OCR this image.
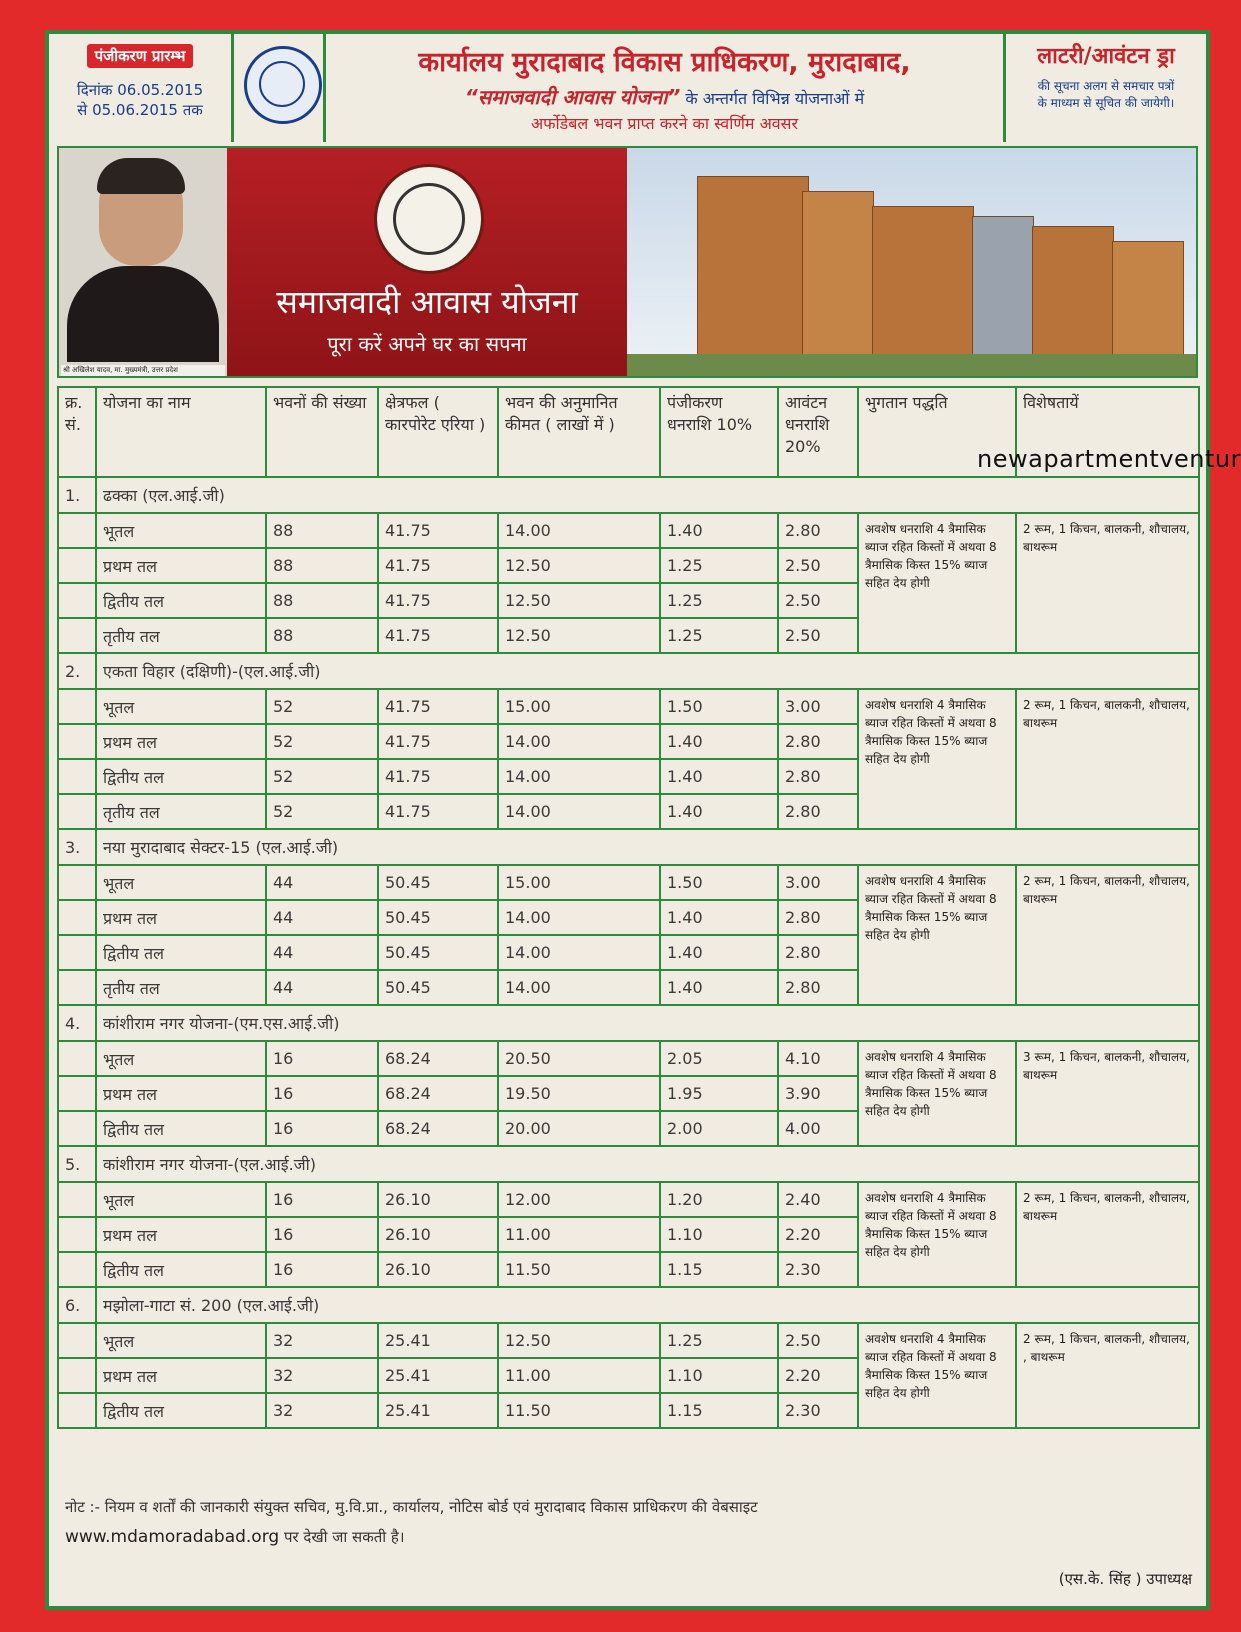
पंजीकरण प्रारम्भ
दिनांक 06.05.2015
से 05.06.2015 तक
कार्यालय मुरादाबाद विकास प्राधिकरण, मुरादाबाद,
“समाजवादी आवास योजना” के अन्तर्गत विभिन्न योजनाओं में
अर्फोडेबल भवन प्राप्त करने का स्वर्णिम अवसर
लाटरी/आवंटन ड्रा
की सूचना अलग से समचार पत्रों
के माध्यम से सूचित की जायेगी।
श्री अखिलेश यादव, मा. मुख्यमंत्री, उत्तर प्रदेश
समाजवादी आवास योजना
पूरा करें अपने घर का सपना
क्र. सं.	योजना का नाम	भवनों की संख्या	क्षेत्रफल ( कारपोरेट एरिया )	भवन की अनुमानित कीमत ( लाखों में )	पंजीकरण धनराशि 10%	आवंटन धनराशि 20%	भुगतान पद्धति	विशेषतायें
1.	ढक्का (एल.आई.जी)							
	भूतल	88	41.75	14.00	1.40	2.80	अवशेष धनराशि 4 त्रैमासिक ब्याज रहित किस्तों में अथवा 8 त्रैमासिक किस्त 15% ब्याज सहित देय होगी	2 रूम, 1 किचन, बालकनी, शौचालय, बाथरूम
	प्रथम तल	88	41.75	12.50	1.25	2.50		
	द्वितीय तल	88	41.75	12.50	1.25	2.50		
	तृतीय तल	88	41.75	12.50	1.25	2.50		
2.	एकता विहार (दक्षिणी)-(एल.आई.जी)							
	भूतल	52	41.75	15.00	1.50	3.00	अवशेष धनराशि 4 त्रैमासिक ब्याज रहित किस्तों में अथवा 8 त्रैमासिक किस्त 15% ब्याज सहित देय होगी	2 रूम, 1 किचन, बालकनी, शौचालय, बाथरूम
	प्रथम तल	52	41.75	14.00	1.40	2.80		
	द्वितीय तल	52	41.75	14.00	1.40	2.80		
	तृतीय तल	52	41.75	14.00	1.40	2.80		
3.	नया मुरादाबाद सेक्टर-15 (एल.आई.जी)							
	भूतल	44	50.45	15.00	1.50	3.00	अवशेष धनराशि 4 त्रैमासिक ब्याज रहित किस्तों में अथवा 8 त्रैमासिक किस्त 15% ब्याज सहित देय होगी	2 रूम, 1 किचन, बालकनी, शौचालय, बाथरूम
	प्रथम तल	44	50.45	14.00	1.40	2.80		
	द्वितीय तल	44	50.45	14.00	1.40	2.80		
	तृतीय तल	44	50.45	14.00	1.40	2.80		
4.	कांशीराम नगर योजना-(एम.एस.आई.जी)							
	भूतल	16	68.24	20.50	2.05	4.10	अवशेष धनराशि 4 त्रैमासिक ब्याज रहित किस्तों में अथवा 8 त्रैमासिक किस्त 15% ब्याज सहित देय होगी	3 रूम, 1 किचन, बालकनी, शौचालय, बाथरूम
	प्रथम तल	16	68.24	19.50	1.95	3.90		
	द्वितीय तल	16	68.24	20.00	2.00	4.00		
5.	कांशीराम नगर योजना-(एल.आई.जी)							
	भूतल	16	26.10	12.00	1.20	2.40	अवशेष धनराशि 4 त्रैमासिक ब्याज रहित किस्तों में अथवा 8 त्रैमासिक किस्त 15% ब्याज सहित देय होगी	2 रूम, 1 किचन, बालकनी, शौचालय, बाथरूम
	प्रथम तल	16	26.10	11.00	1.10	2.20		
	द्वितीय तल	16	26.10	11.50	1.15	2.30		
6.	मझोला-गाटा सं. 200 (एल.आई.जी)							
	भूतल	32	25.41	12.50	1.25	2.50	अवशेष धनराशि 4 त्रैमासिक ब्याज रहित किस्तों में अथवा 8 त्रैमासिक किस्त 15% ब्याज सहित देय होगी	2 रूम, 1 किचन, बालकनी, शौचालय, , बाथरूम
	प्रथम तल	32	25.41	11.00	1.10	2.20		
	द्वितीय तल	32	25.41	11.50	1.15	2.30		
नोट :- नियम व शर्तों की जानकारी संयुक्त सचिव, मु.वि.प्रा., कार्यालय, नोटिस बोर्ड एवं मुरादाबाद विकास प्राधिकरण की वेबसाइट
www.mdamoradabad.org पर देखी जा सकती है।
(एस.के. सिंह ) उपाध्यक्ष
newapartmentventur
